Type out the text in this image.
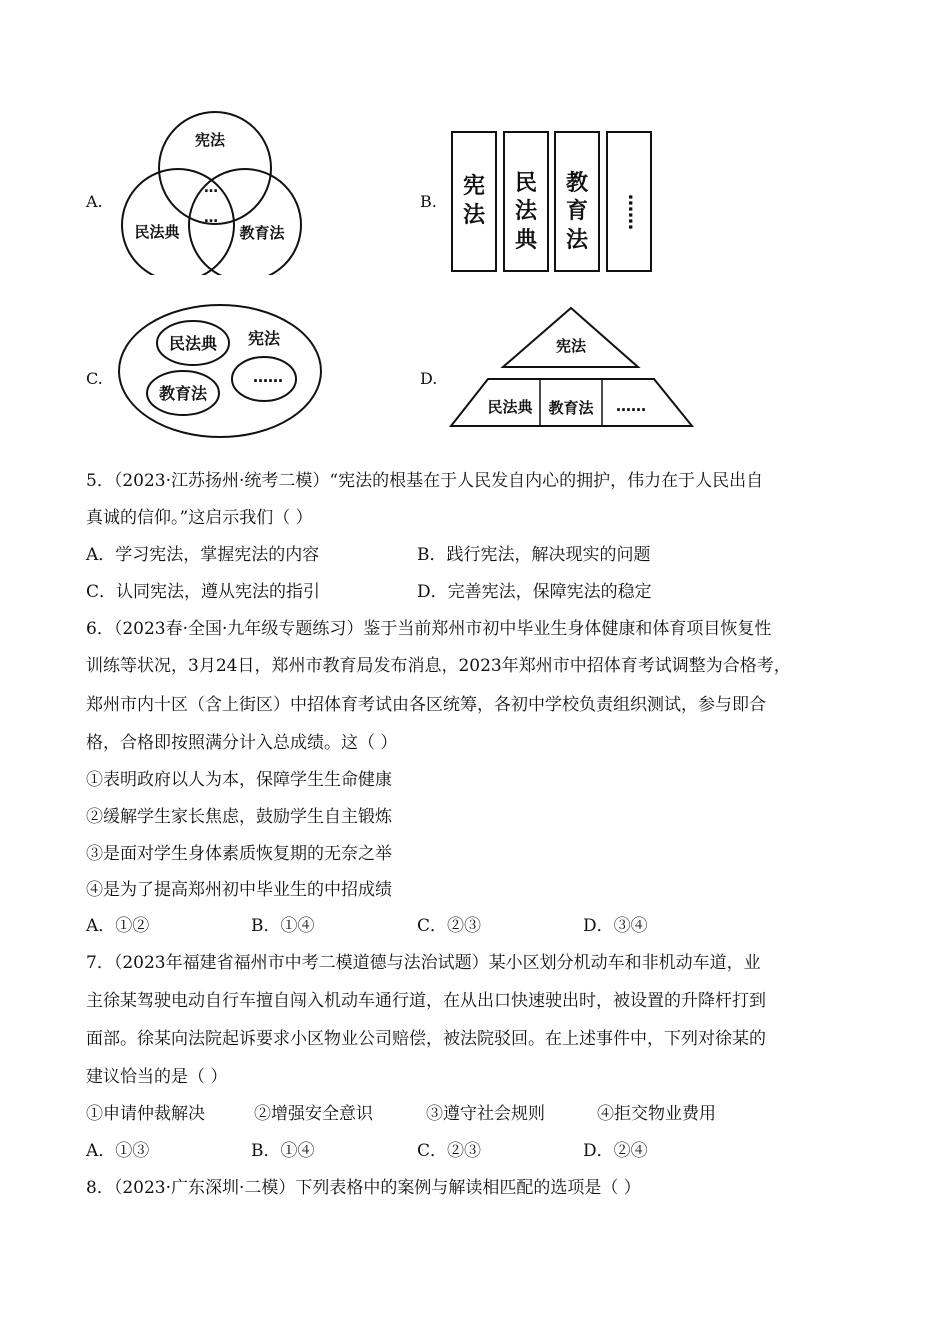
A.
宪法
民法典	教育法
…
…
B.
宪
法
民
法
典
教
育
法
……
C.
宪法
民法典
教育法
……	D.
宪法
民法典 教育法 ……
5．（2023·江苏扬州·统考二模）“宪法的根基在于人民发自内心的拥护，伟力在于人民出自
真诚的信仰。”这启示我们（ ）
A．学习宪法，掌握宪法的内容	B．践行宪法，解决现实的问题
C．认同宪法，遵从宪法的指引	D．完善宪法，保障宪法的稳定
6．（2023春·全国·九年级专题练习）鉴于当前郑州市初中毕业生身体健康和体育项目恢复性
训练等状况，3月24日，郑州市教育局发布消息，2023年郑州市中招体育考试调整为合格考，
郑州市内十区（含上街区）中招体育考试由各区统筹，各初中学校负责组织测试，参与即合
格，合格即按照满分计入总成绩。这（ ）
①表明政府以人为本，保障学生生命健康
②缓解学生家长焦虑，鼓励学生自主锻炼
③是面对学生身体素质恢复期的无奈之举
④是为了提高郑州初中毕业生的中招成绩
A．①②	B．①④	C．②③	D．③④
7．（2023年福建省福州市中考二模道德与法治试题）某小区划分机动车和非机动车道，业
主徐某驾驶电动自行车擅自闯入机动车通行道，在从出口快速驶出时，被设置的升降杆打到
面部。徐某向法院起诉要求小区物业公司赔偿，被法院驳回。在上述事件中，下列对徐某的
建议恰当的是（ ）
①申请仲裁解决	②增强安全意识	③遵守社会规则	④拒交物业费用
A．①③	B．①④	C．②③	D．②④
8．（2023·广东深圳·二模）下列表格中的案例与解读相匹配的选项是（ ）
